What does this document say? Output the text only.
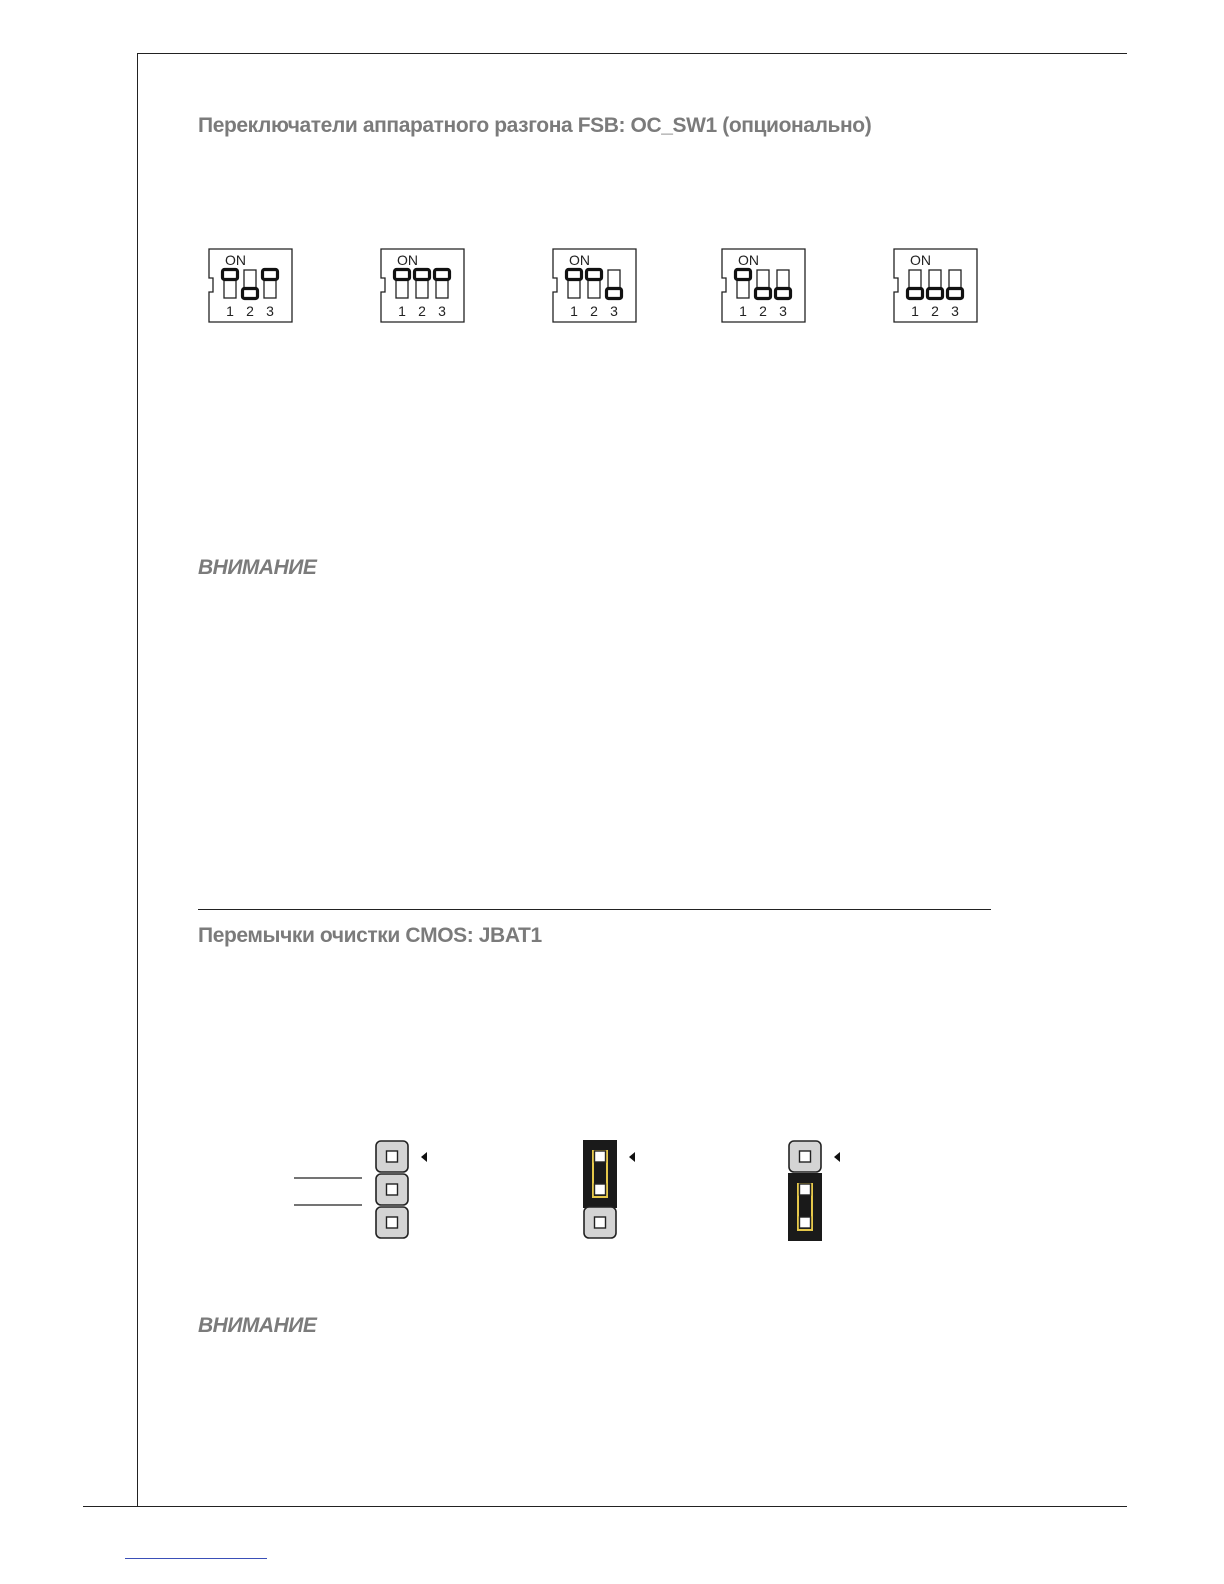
Переключатели аппаратного разгона FSB: OC_SW1 (опционально)
ON
1 2 3
ON
1 2 3
ON
1 2 3
ON
1 2 3
ON
1 2 3
ВНИМАНИЕ
Перемычки очистки CMOS: JBAT1
ВНИМАНИЕ
